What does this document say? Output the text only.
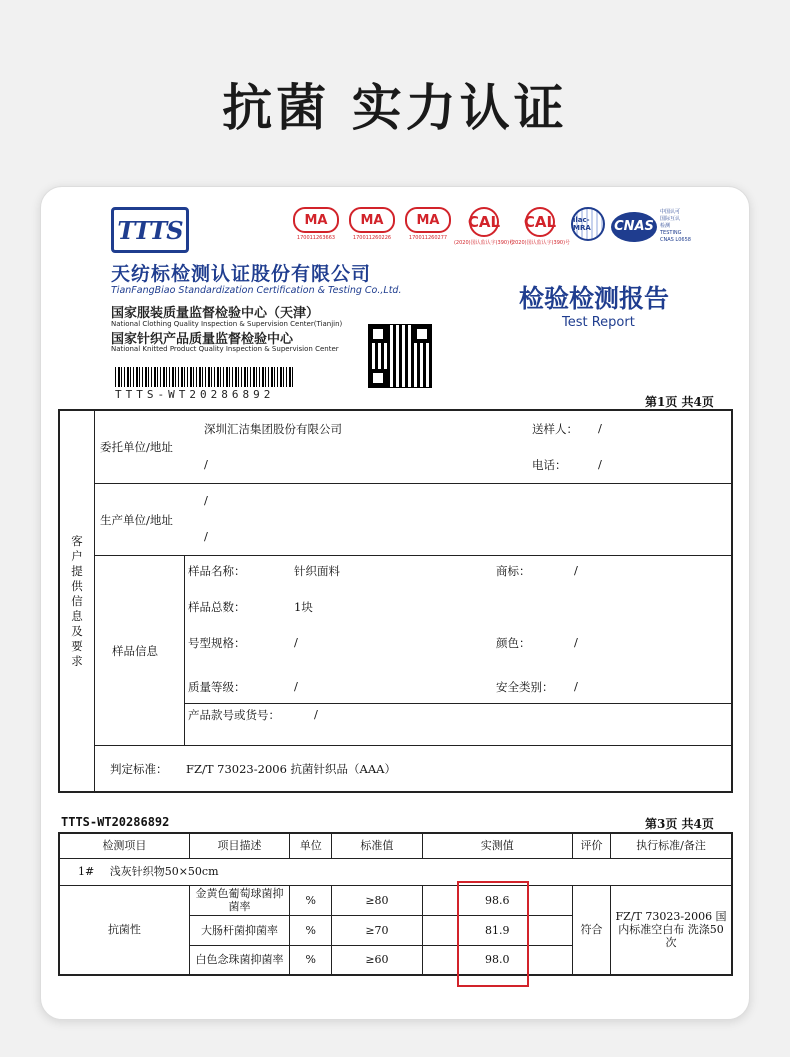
抗菌 实力认证
TTTS
天纺标检测认证股份有限公司
TianFangBiao Standardization Certification & Testing Co.,Ltd.
国家服装质量监督检验中心（天津）
National Clothing Quality Inspection & Supervision Center(Tianjin)
国家针织产品质量监督检验中心
National Knitted Product Quality Inspection & Supervision Center
TTTS-WT20286892
MA
170011263663
MA
170011260226
MA
170011260277
CAL
(2020)国认监认字(390)号
CAL
(2020)国认监认字(390)号
ilac-MRA	CNAS
中国认可
国际互认
检测
TESTING
CNAS L0658
检验检测报告
Test Report
第1页 共4页
客
户
提
供
信
息
及
要
求
委托单位/地址
深圳汇洁集团股份有限公司
/
送样人： /
电话：	/
生产单位/地址
/
/
样品信息
样品名称：	针织面料	商标：	/
样品总数：	1块
号型规格：	/	颜色：	/
质量等级：	/	安全类别： /
产品款号或货号：	/
判定标准： FZ/T 73023-2006 抗菌针织品（AAA）
TTTS-WT20286892	第3页 共4页
检测项目	项目描述	单位	标准值	实测值	评价	执行标准/备注
1# 浅灰针织物50×50cm						
抗菌性	金黄色葡萄球菌抑菌率	%	≥80	98.6	符合	FZ/T 73023-2006 国内标准空白布 洗涤50次
	大肠杆菌抑菌率	%	≥70	81.9		
	白色念珠菌抑菌率	%	≥60	98.0		
